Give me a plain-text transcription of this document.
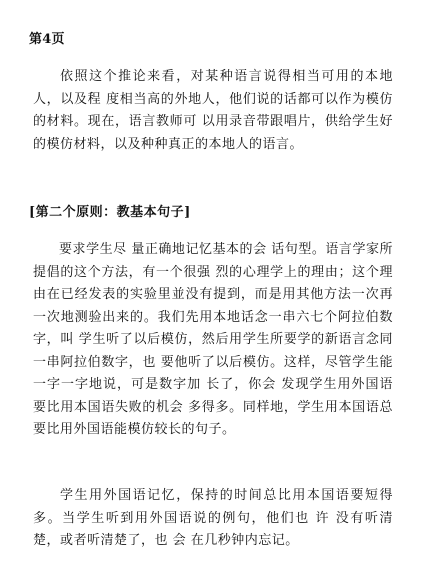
第4页

依照这个推论来看，对某种语言说得相当可用的本地人，以及程 度相当高的外地人，他们说的话都可以作为模仿的材料。现在，语言教师可 以用录音带跟唱片，供给学生好的模仿材料，以及种种真正的本地人的语言。

[第二个原则：教基本句子]

要求学生尽 量正确地记忆基本的会 话句型。语言学家所提倡的这个方法，有一个很强 烈的心理学上的理由；这个理由在已经发表的实验里並没有提到，而是用其他方法一次再一次地测验出来的。我们先用本地话念一串六七个阿拉伯数字，叫 学生听了以后模仿，然后用学生所要学的新语言念同 一串阿拉伯数字，也 要他听了以后模仿。这样，尽管学生能一字一字地说，可是数字加 长了，你会 发现学生用外国语要比用本国语失败的机会 多得多。同样地，学生用本国语总要比用外国语能模仿较长的句子。

学生用外国语记忆，保持的时间总比用本国语要短得多。当学生听到用外国语说的例句，他们也 许 没有听清楚，或者听清楚了，也 会 在几秒钟内忘记。
